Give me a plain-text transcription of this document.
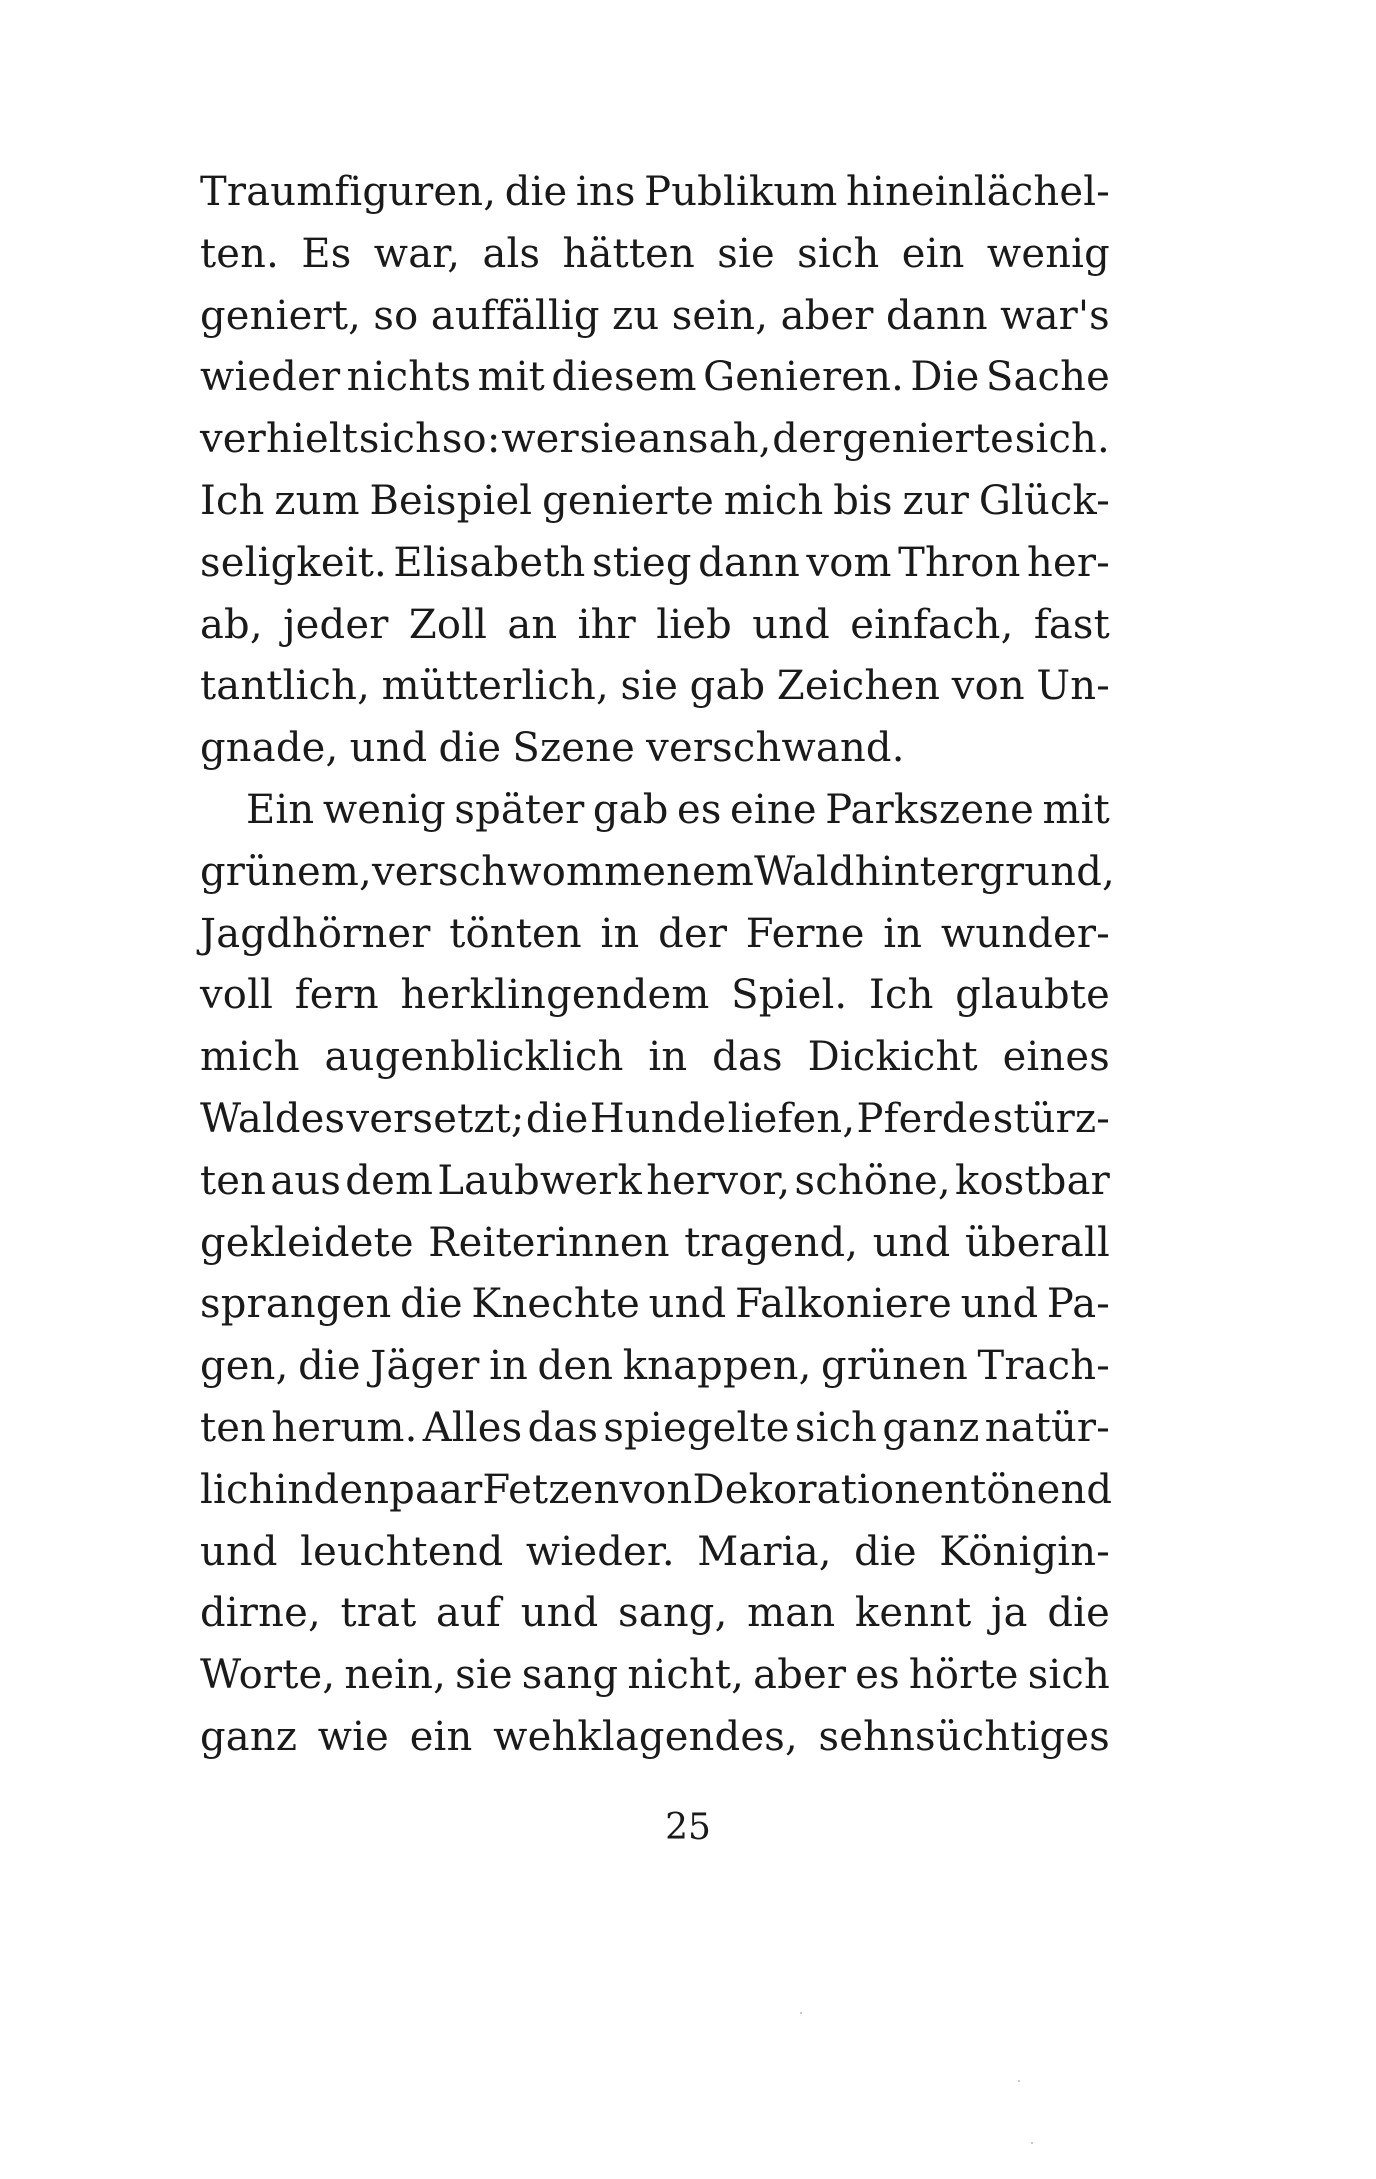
Traumfiguren, die ins Publikum hineinlächel-
ten. Es war, als hätten sie sich ein wenig
geniert, so auffällig zu sein, aber dann war's
wieder nichts mit diesem Genieren. Die Sache
verhielt sich so: wer sie ansah, der genierte sich.
Ich zum Beispiel genierte mich bis zur Glück-
seligkeit. Elisabeth stieg dann vom Thron her-
ab, jeder Zoll an ihr lieb und einfach, fast
tantlich, mütterlich, sie gab Zeichen von Un-
gnade, und die Szene verschwand.
Ein wenig später gab es eine Parkszene mit
grünem, verschwommenem Waldhintergrund,
Jagdhörner tönten in der Ferne in wunder-
voll fern herklingendem Spiel. Ich glaubte
mich augenblicklich in das Dickicht eines
Waldes versetzt; die Hunde liefen, Pferde stürz-
ten aus dem Laubwerk hervor, schöne, kostbar
gekleidete Reiterinnen tragend, und überall
sprangen die Knechte und Falkoniere und Pa-
gen, die Jäger in den knappen, grünen Trach-
ten herum. Alles das spiegelte sich ganz natür-
lich in den paar Fetzen von Dekorationen tönend
und leuchtend wieder. Maria, die Königin-
dirne, trat auf und sang, man kennt ja die
Worte, nein, sie sang nicht, aber es hörte sich
ganz wie ein wehklagendes, sehnsüchtiges
25
